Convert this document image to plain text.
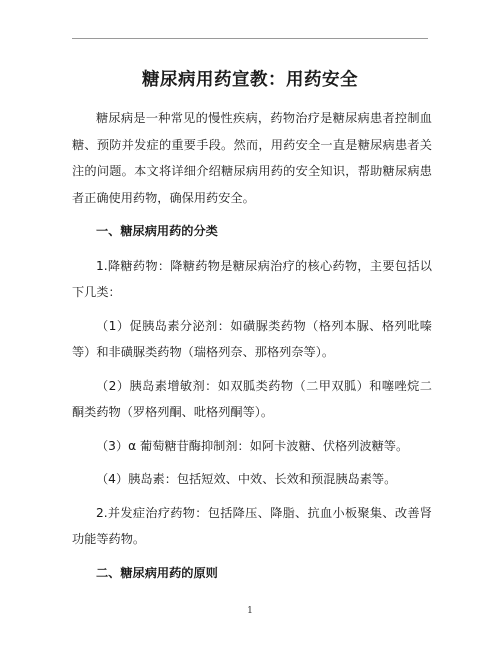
糖尿病用药宣教：用药安全

糖尿病是一种常见的慢性疾病，药物治疗是糖尿病患者控制血糖、预防并发症的重要手段。然而，用药安全一直是糖尿病患者关注的问题。本文将详细介绍糖尿病用药的安全知识，帮助糖尿病患者正确使用药物，确保用药安全。

一、糖尿病用药的分类

1.降糖药物：降糖药物是糖尿病治疗的核心药物，主要包括以下几类：

（1）促胰岛素分泌剂：如磺脲类药物（格列本脲、格列吡嗪等）和非磺脲类药物（瑞格列奈、那格列奈等）。

（2）胰岛素增敏剂：如双胍类药物（二甲双胍）和噻唑烷二酮类药物（罗格列酮、吡格列酮等）。

（3）α 葡萄糖苷酶抑制剂：如阿卡波糖、伏格列波糖等。

（4）胰岛素：包括短效、中效、长效和预混胰岛素等。

2.并发症治疗药物：包括降压、降脂、抗血小板聚集、改善肾功能等药物。

二、糖尿病用药的原则

1
